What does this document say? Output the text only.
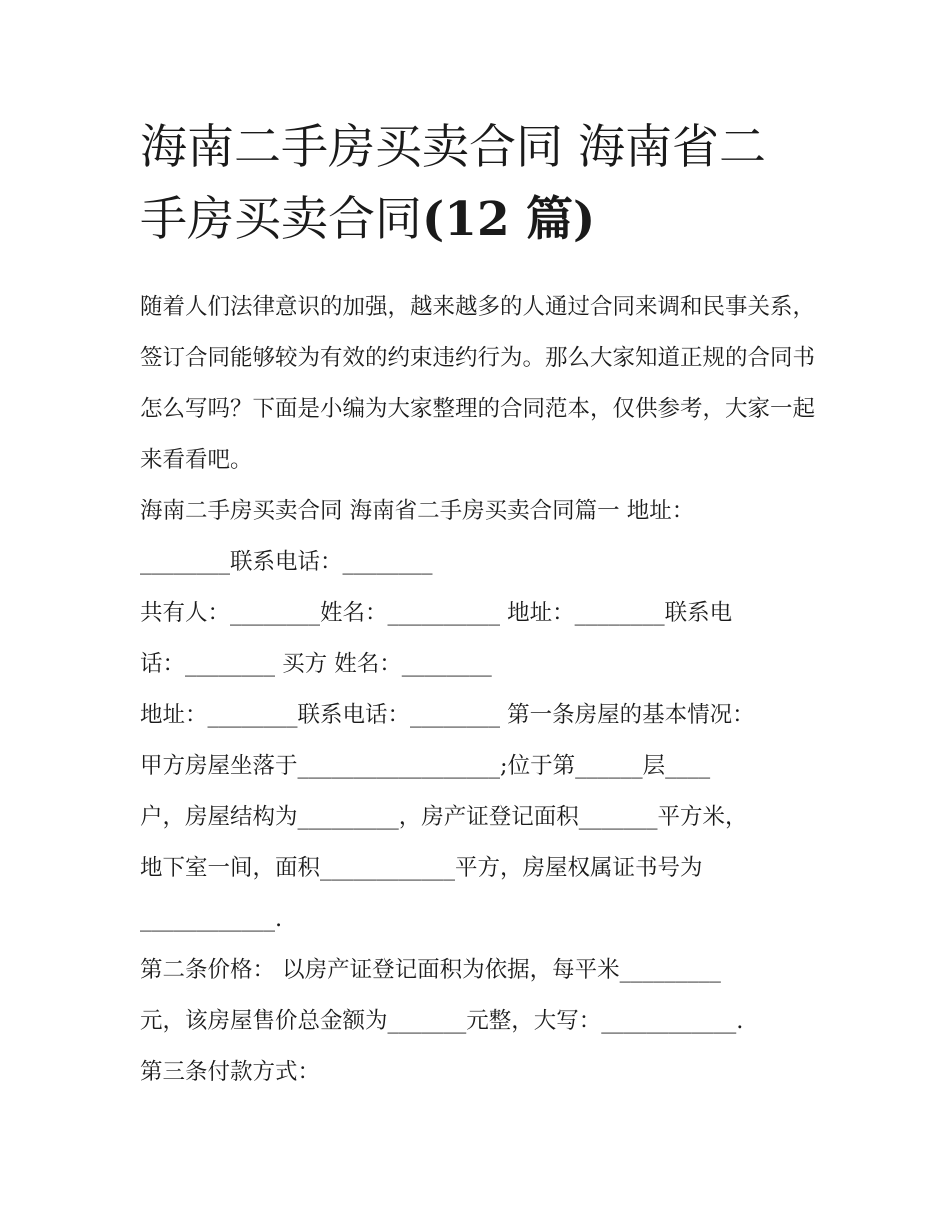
海南二手房买卖合同 海南省二
手房买卖合同(12 篇)

随着人们法律意识的加强，越来越多的人通过合同来调和民事关系，签订合同能够较为有效的约束违约行为。那么大家知道正规的合同书怎么写吗？下面是小编为大家整理的合同范本，仅供参考，大家一起来看看吧。

海南二手房买卖合同 海南省二手房买卖合同篇一 地址：

________联系电话：________

共有人：________姓名：__________ 地址：________联系电

话：________ 买方 姓名：________

地址：________联系电话：________ 第一条房屋的基本情况：

甲方房屋坐落于__________________;位于第______层____

户，房屋结构为_________，房产证登记面积_______平方米，

地下室一间，面积____________平方，房屋权属证书号为

____________.

第二条价格： 以房产证登记面积为依据，每平米_________

元，该房屋售价总金额为_______元整，大写：____________.

第三条付款方式：
